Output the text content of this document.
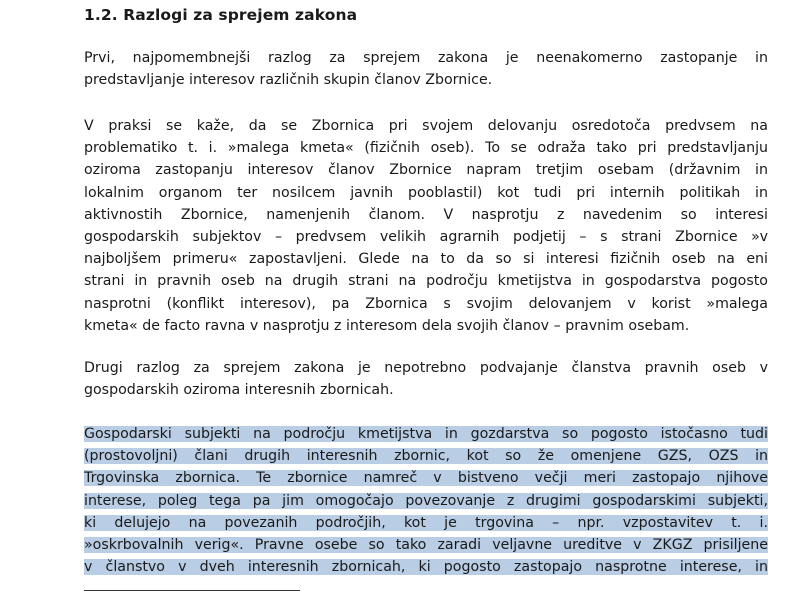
1.2. Razlogi za sprejem zakona
Prvi, najpomembnejši razlog za sprejem zakona je neenakomerno zastopanje in
predstavljanje interesov različnih skupin članov Zbornice.
V praksi se kaže, da se Zbornica pri svojem delovanju osredotoča predvsem na
problematiko t. i. »malega kmeta« (fizičnih oseb). To se odraža tako pri predstavljanju
oziroma zastopanju interesov članov Zbornice napram tretjim osebam (državnim in
lokalnim organom ter nosilcem javnih pooblastil) kot tudi pri internih politikah in
aktivnostih Zbornice, namenjenih članom. V nasprotju z navedenim so interesi
gospodarskih subjektov – predvsem velikih agrarnih podjetij – s strani Zbornice »v
najboljšem primeru« zapostavljeni. Glede na to da so si interesi fizičnih oseb na eni
strani in pravnih oseb na drugih strani na področju kmetijstva in gospodarstva pogosto
nasprotni (konflikt interesov), pa Zbornica s svojim delovanjem v korist »malega
kmeta« de facto ravna v nasprotju z interesom dela svojih članov – pravnim osebam.
Drugi razlog za sprejem zakona je nepotrebno podvajanje članstva pravnih oseb v
gospodarskih oziroma interesnih zbornicah.
Gospodarski subjekti na področju kmetijstva in gozdarstva so pogosto istočasno tudi
(prostovoljni) člani drugih interesnih zbornic, kot so že omenjene GZS, OZS in
Trgovinska zbornica. Te zbornice namreč v bistveno večji meri zastopajo njihove
interese, poleg tega pa jim omogočajo povezovanje z drugimi gospodarskimi subjekti,
ki delujejo na povezanih področjih, kot je trgovina – npr. vzpostavitev t. i.
»oskrbovalnih verig«. Pravne osebe so tako zaradi veljavne ureditve v ZKGZ prisiljene
v članstvo v dveh interesnih zbornicah, ki pogosto zastopajo nasprotne interese, in
